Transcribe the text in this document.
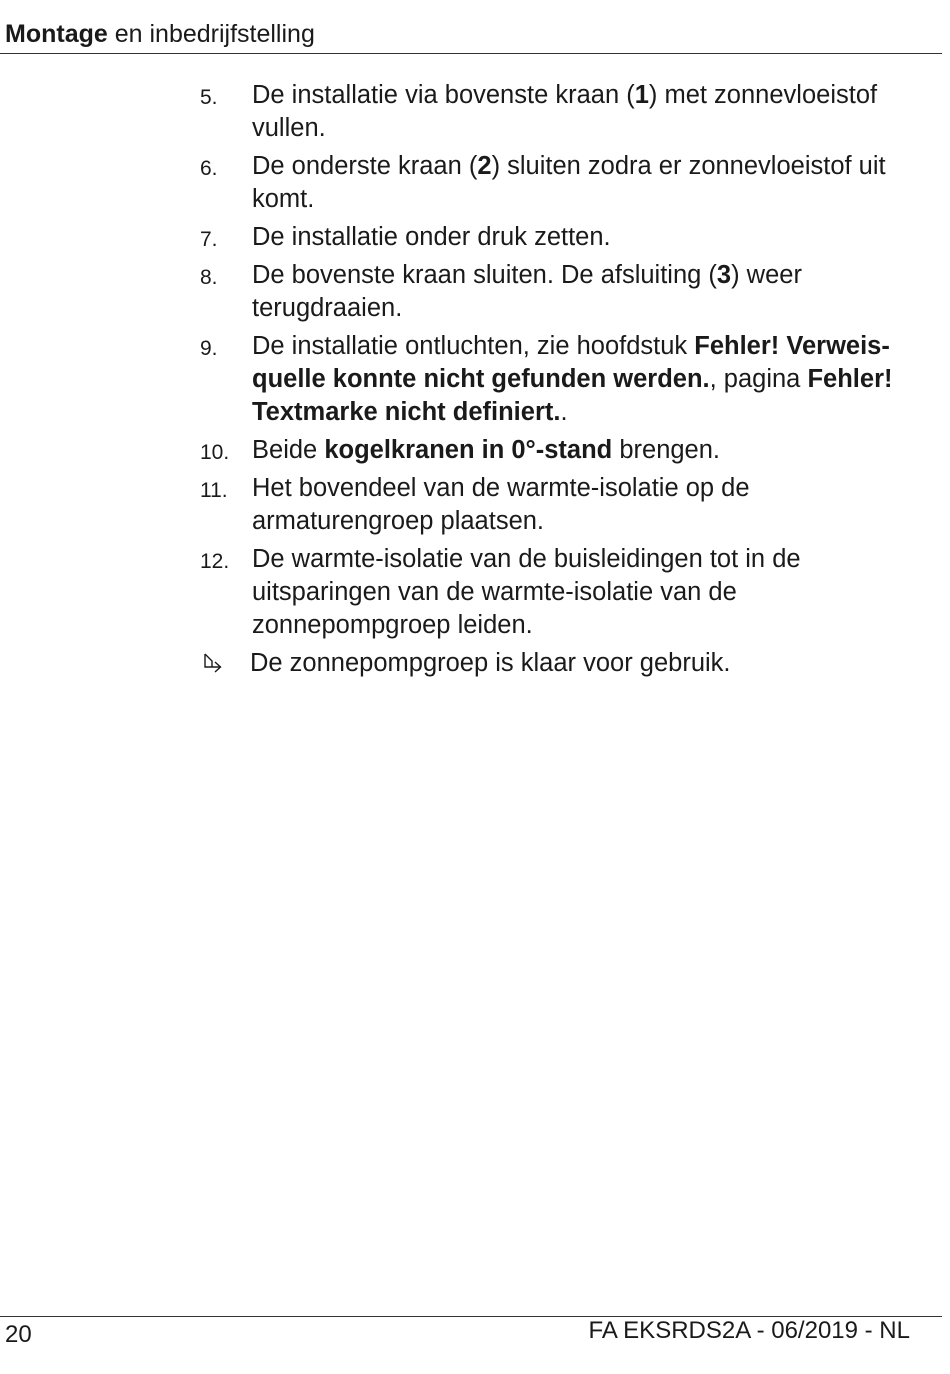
Montage en inbedrijfstelling
5. De installatie via bovenste kraan (1) met zonnevloeistof vullen.
6. De onderste kraan (2) sluiten zodra er zonnevloeistof uit komt.
7. De installatie onder druk zetten.
8. De bovenste kraan sluiten. De afsluiting (3) weer terugdraaien.
9. De installatie ontluchten, zie hoofdstuk Fehler! Verweisquelle konnte nicht gefunden werden., pagina Fehler! Textmarke nicht definiert..
10. Beide kogelkranen in 0°-stand brengen.
11. Het bovendeel van de warmte-isolatie op de armaturengroep plaatsen.
12. De warmte-isolatie van de buisleidingen tot in de uitsparingen van de warmte-isolatie van de zonnepompgroep leiden.
De zonnepompgroep is klaar voor gebruik.
20	FA EKSRDS2A - 06/2019 - NL
